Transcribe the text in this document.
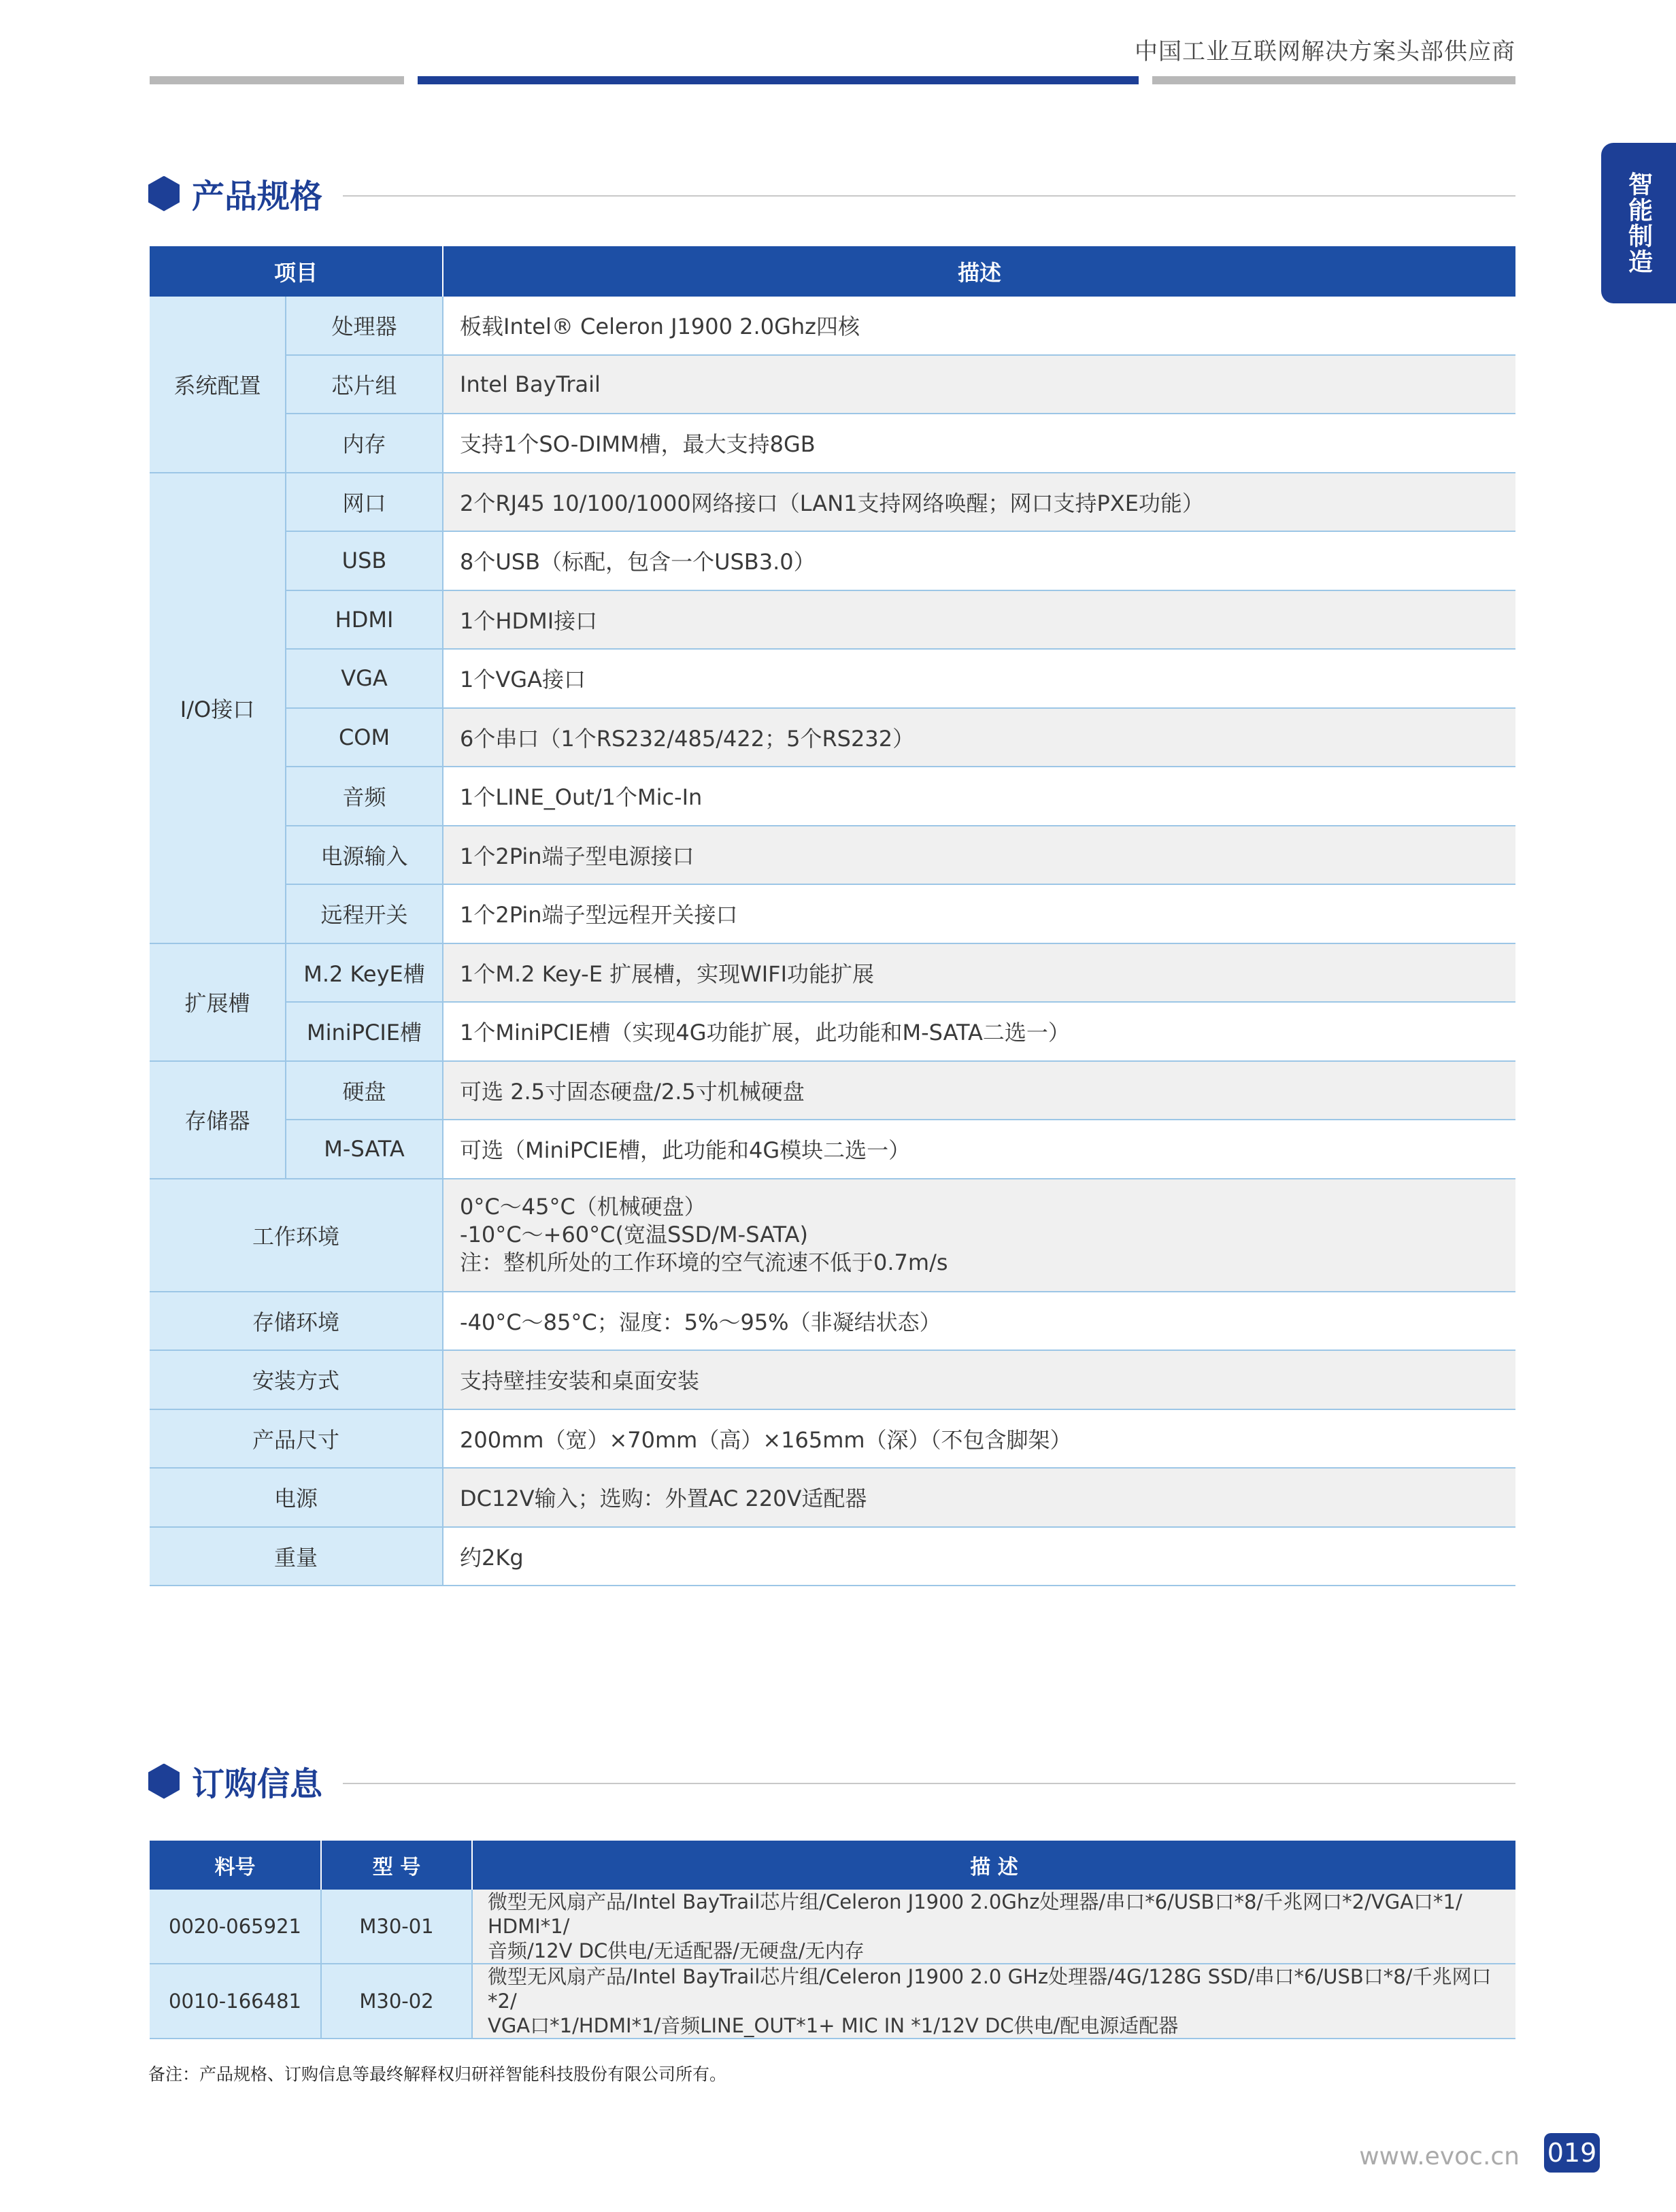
中国工业互联网解决方案头部供应商
智能制造
产品规格
项目		描述
系统配置	处理器	板载Intel® Celeron J1900 2.0Ghz四核

	芯片组	Intel BayTrail

	内存	支持1个SO-DIMM槽，最大支持8GB

I/O接口	网口	2个RJ45 10/100/1000网络接口（LAN1支持网络唤醒；网口支持PXE功能）

	USB	8个USB（标配，包含一个USB3.0）

	HDMI	1个HDMI接口

	VGA	1个VGA接口

	COM	6个串口（1个RS232/485/422；5个RS232）

	音频	1个LINE_Out/1个Mic-In

	电源输入	1个2Pin端子型电源接口

	远程开关	1个2Pin端子型远程开关接口

扩展槽	M.2 KeyE槽	1个M.2 Key-E 扩展槽，实现WIFI功能扩展

	MiniPCIE槽	1个MiniPCIE槽（实现4G功能扩展，此功能和M-SATA二选一）

存储器	硬盘	可选 2.5寸固态硬盘/2.5寸机械硬盘

	M-SATA	可选（MiniPCIE槽，此功能和4G模块二选一）

工作环境		0°C～45°C（机械硬盘）
-10°C～+60°C(宽温SSD/M-SATA)
注：整机所处的工作环境的空气流速不低于0.7m/s

存储环境		-40°C～85°C；湿度：5%～95%（非凝结状态）

安装方式		支持壁挂安装和桌面安装

产品尺寸		200mm（宽）×70mm（高）×165mm（深）（不包含脚架）

电源		DC12V输入；选购：外置AC 220V适配器

重量		约2Kg
订购信息
料号	型 号	描 述
0020-065921	M30-01	微型无风扇产品/Intel BayTrail芯片组/Celeron J1900 2.0Ghz处理器/串口*6/USB口*8/千兆网口*2/VGA口*1/ HDMI*1/
音频/12V DC供电/无适配器/无硬盘/无内存

0010-166481	M30-02	微型无风扇产品/Intel BayTrail芯片组/Celeron J1900 2.0 GHz处理器/4G/128G SSD/串口*6/USB口*8/千兆网口*2/
VGA口*1/HDMI*1/音频LINE_OUT*1+ MIC IN *1/12V DC供电/配电源适配器
备注：产品规格、订购信息等最终解释权归研祥智能科技股份有限公司所有。
www.evoc.cn 019
